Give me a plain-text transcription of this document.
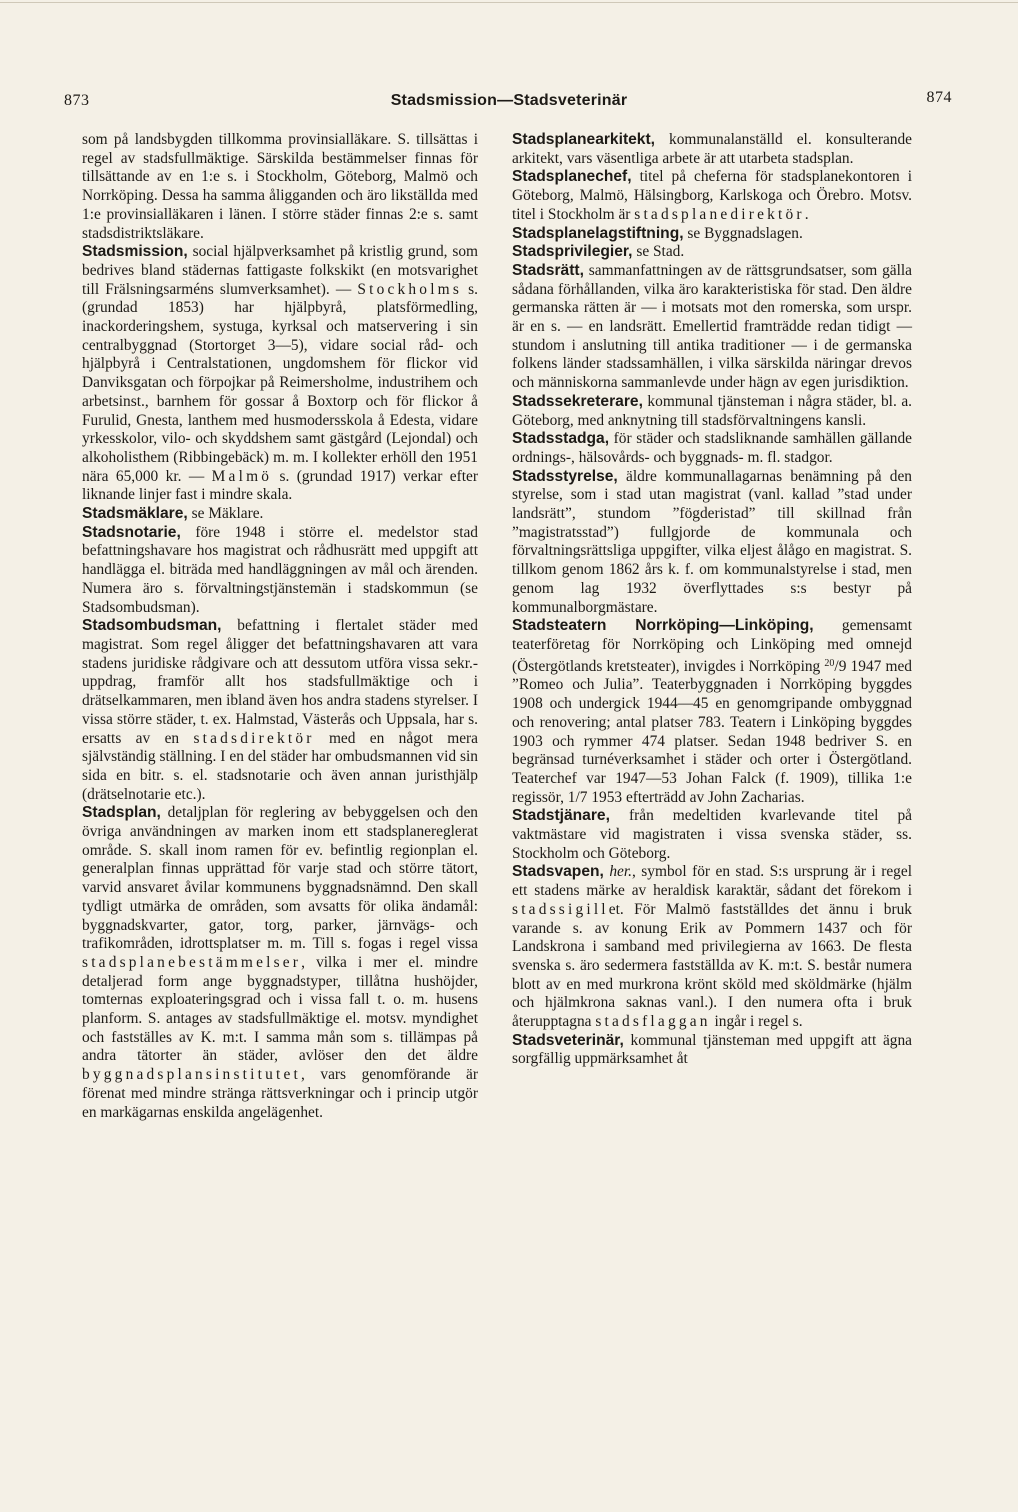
873	Stadsmission—Stadsveterinär	874

som på landsbygden tillkomma provinsialläkare. S. tillsättas i regel av stadsfullmäktige. Särskilda bestämmelser finnas för tillsättande av en 1:e s. i Stockholm, Göteborg, Malmö och Norrköping. Dessa ha samma åligganden och äro likställda med 1:e provinsialläkaren i länen. I större städer finnas 2:e s. samt stadsdistriktsläkare.

Stadsmission, social hjälpverksamhet på kristlig grund, som bedrives bland städernas fattigaste folkskikt (en motsvarighet till Frälsningsarméns slumverksamhet). — Stockholms s. (grundad 1853) har hjälpbyrå, platsförmedling, inackorderingshem, systuga, kyrksal och matservering i sin centralbyggnad (Stortorget 3—5), vidare social råd- och hjälpbyrå i Centralstationen, ungdomshem för flickor vid Danviksgatan och förpojkar på Reimersholme, industrihem och arbetsinst., barnhem för gossar å Boxtorp och för flickor å Furulid, Gnesta, lanthem med husmodersskola å Edesta, vidare yrkesskolor, vilo- och skyddshem samt gästgård (Lejondal) och alkoholisthem (Ribbingebäck) m. m. I kollekter erhöll den 1951 nära 65,000 kr. — Malmö s. (grundad 1917) verkar efter liknande linjer fast i mindre skala.

Stadsmäklare, se Mäklare.

Stadsnotarie, före 1948 i större el. medelstor stad befattningshavare hos magistrat och rådhusrätt med uppgift att handlägga el. biträda med handläggningen av mål och ärenden. Numera äro s. förvaltningstjänstemän i stadskommun (se Stadsombudsman).

Stadsombudsman, befattning i flertalet städer med magistrat. Som regel åligger det befattningshavaren att vara stadens juridiske rådgivare och att dessutom utföra vissa sekr.-uppdrag, framför allt hos stadsfullmäktige och i drätselkammaren, men ibland även hos andra stadens styrelser. I vissa större städer, t. ex. Halmstad, Västerås och Uppsala, har s. ersatts av en stadsdirektör med en något mera självständig ställning. I en del städer har ombudsmannen vid sin sida en bitr. s. el. stadsnotarie och även annan juristhjälp (drätselnotarie etc.).

Stadsplan, detaljplan för reglering av bebyggelsen och den övriga användningen av marken inom ett stadsplanereglerat område. S. skall inom ramen för ev. befintlig regionplan el. generalplan finnas upprättad för varje stad och större tätort, varvid ansvaret åvilar kommunens byggnadsnämnd. Den skall tydligt utmärka de områden, som avsatts för olika ändamål: byggnadskvarter, gator, torg, parker, järnvägs- och trafikområden, idrottsplatser m. m. Till s. fogas i regel vissa stadsplanebestämmelser, vilka i mer el. mindre detaljerad form ange byggnadstyper, tillåtna hushöjder, tomternas exploateringsgrad och i vissa fall t. o. m. husens planform. S. antages av stadsfullmäktige el. motsv. myndighet och fastställes av K. m:t. I samma mån som s. tillämpas på andra tätorter än städer, avlöser den det äldre byggnadsplansinstitutet, vars genomförande är förenat med mindre stränga rättsverkningar och i princip utgör en markägarnas enskilda angelägenhet.

Stadsplanearkitekt, kommunalanställd el. konsulterande arkitekt, vars väsentliga arbete är att utarbeta stadsplan.

Stadsplanechef, titel på cheferna för stadsplanekontoren i Göteborg, Malmö, Hälsingborg, Karlskoga och Örebro. Motsv. titel i Stockholm är stadsplanedirektör.

Stadsplanelagstiftning, se Byggnadslagen.

Stadsprivilegier, se Stad.

Stadsrätt, sammanfattningen av de rättsgrundsatser, som gälla sådana förhållanden, vilka äro karakteristiska för stad. Den äldre germanska rätten är — i motsats mot den romerska, som urspr. är en s. — en landsrätt. Emellertid framträdde redan tidigt — stundom i anslutning till antika traditioner — i de germanska folkens länder stadssamhällen, i vilka särskilda näringar drevos och människorna sammanlevde under hägn av egen jurisdiktion.

Stadssekreterare, kommunal tjänsteman i några städer, bl. a. Göteborg, med anknytning till stadsförvaltningens kansli.

Stadsstadga, för städer och stadsliknande samhällen gällande ordnings-, hälsovårds- och byggnads- m. fl. stadgor.

Stadsstyrelse, äldre kommunallagarnas benämning på den styrelse, som i stad utan magistrat (vanl. kallad ”stad under landsrätt”, stundom ”fögderistad” till skillnad från ”magistratsstad”) fullgjorde de kommunala och förvaltningsrättsliga uppgifter, vilka eljest ålågo en magistrat. S. tillkom genom 1862 års k. f. om kommunalstyrelse i stad, men genom lag 1932 överflyttades s:s bestyr på kommunalborgmästare.

Stadsteatern Norrköping—Linköping, gemensamt teaterföretag för Norrköping och Linköping med omnejd (Östergötlands kretsteater), invigdes i Norrköping $^{20}$/9 1947 med ”Romeo och Julia”. Teaterbyggnaden i Norrköping byggdes 1908 och undergick 1944—45 en genomgripande ombyggnad och renovering; antal platser 783. Teatern i Linköping byggdes 1903 och rymmer 474 platser. Sedan 1948 bedriver S. en begränsad turnéverksamhet i städer och orter i Östergötland. Teaterchef var 1947—53 Johan Falck (f. 1909), tillika 1:e regissör, 1/7 1953 efterträdd av John Zacharias.

Stadstjänare, från medeltiden kvarlevande titel på vaktmästare vid magistraten i vissa svenska städer, ss. Stockholm och Göteborg.

Stadsvapen, her., symbol för en stad. S:s ursprung är i regel ett stadens märke av heraldisk karaktär, sådant det förekom i stadssigillet. För Malmö fastställdes det ännu i bruk varande s. av konung Erik av Pommern 1437 och för Landskrona i samband med privilegierna av 1663. De flesta svenska s. äro sedermera fastställda av K. m:t. S. består numera blott av en med murkrona krönt sköld med sköldmärke (hjälm och hjälmkrona saknas vanl.). I den numera ofta i bruk återupptagna stadsflaggan ingår i regel s.

Stadsveterinär, kommunal tjänsteman med uppgift att ägna sorgfällig uppmärksamhet åt
